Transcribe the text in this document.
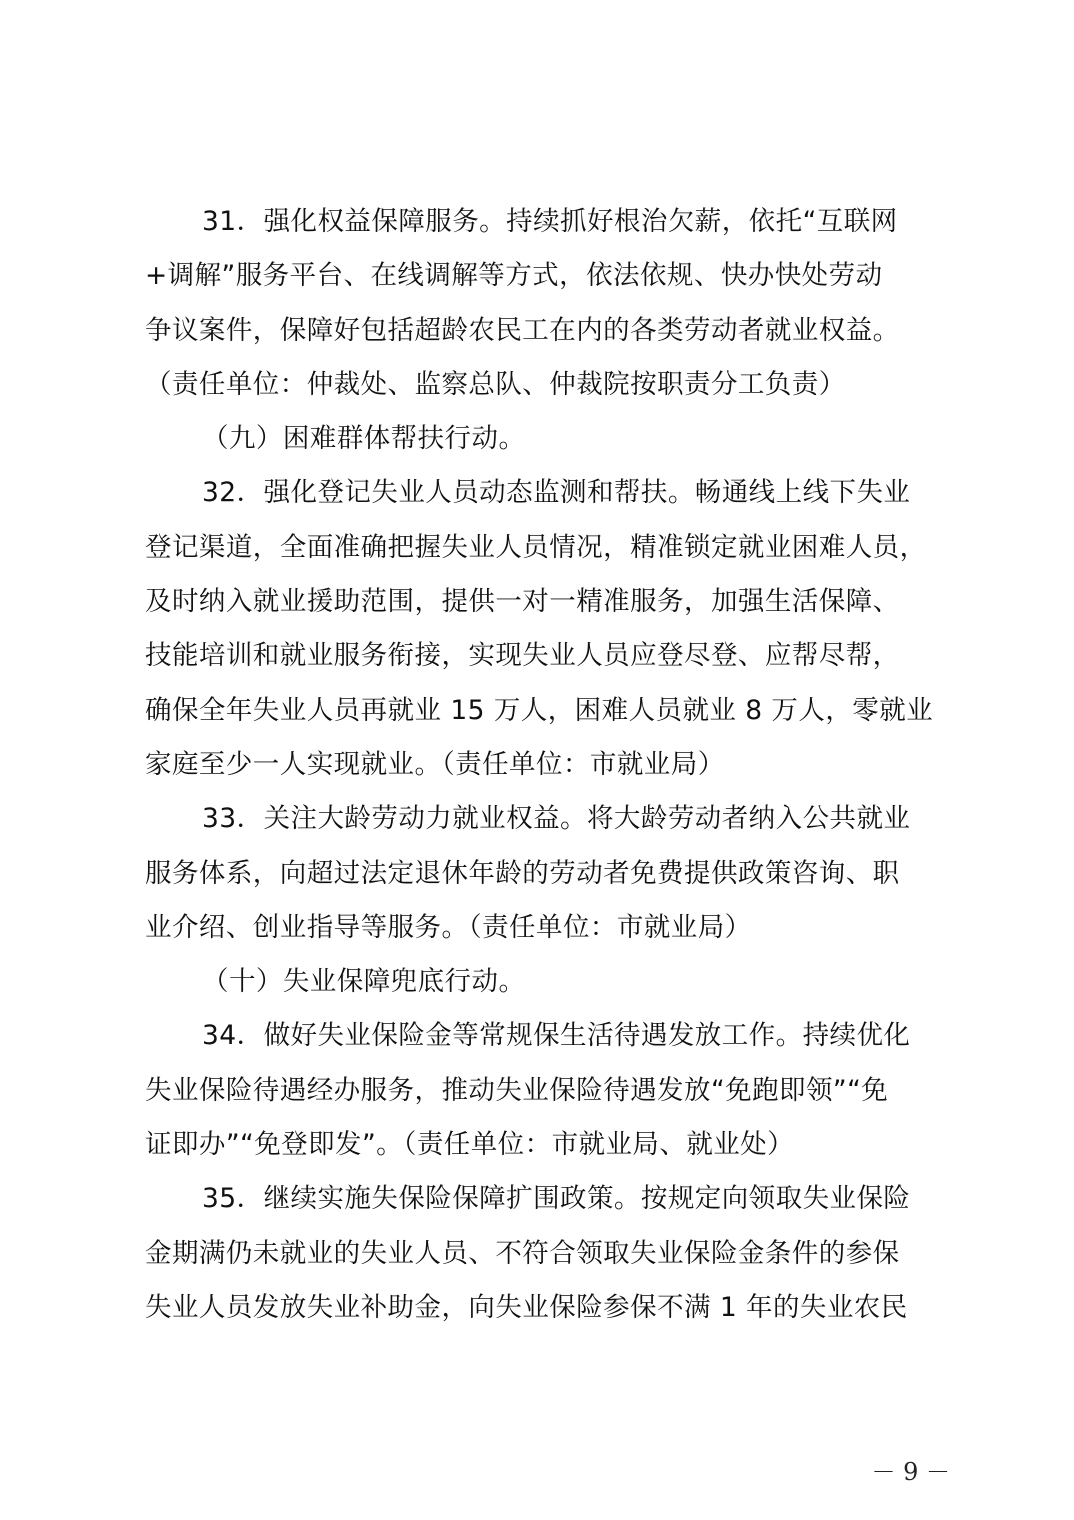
31．强化权益保障服务。持续抓好根治欠薪，依托“互联网
+调解”服务平台、在线调解等方式，依法依规、快办快处劳动
争议案件，保障好包括超龄农民工在内的各类劳动者就业权益。
（责任单位：仲裁处、监察总队、仲裁院按职责分工负责）
（九）困难群体帮扶行动。
32．强化登记失业人员动态监测和帮扶。畅通线上线下失业
登记渠道，全面准确把握失业人员情况，精准锁定就业困难人员，
及时纳入就业援助范围，提供一对一精准服务，加强生活保障、
技能培训和就业服务衔接，实现失业人员应登尽登、应帮尽帮，
确保全年失业人员再就业 15 万人，困难人员就业 8 万人，零就业
家庭至少一人实现就业。（责任单位：市就业局）
33．关注大龄劳动力就业权益。将大龄劳动者纳入公共就业
服务体系，向超过法定退休年龄的劳动者免费提供政策咨询、职
业介绍、创业指导等服务。（责任单位：市就业局）
（十）失业保障兜底行动。
34．做好失业保险金等常规保生活待遇发放工作。持续优化
失业保险待遇经办服务，推动失业保险待遇发放“免跑即领”“免
证即办”“免登即发”。（责任单位：市就业局、就业处）
35．继续实施失保险保障扩围政策。按规定向领取失业保险
金期满仍未就业的失业人员、不符合领取失业保险金条件的参保
失业人员发放失业补助金，向失业保险参保不满 1 年的失业农民
－ 9 －
